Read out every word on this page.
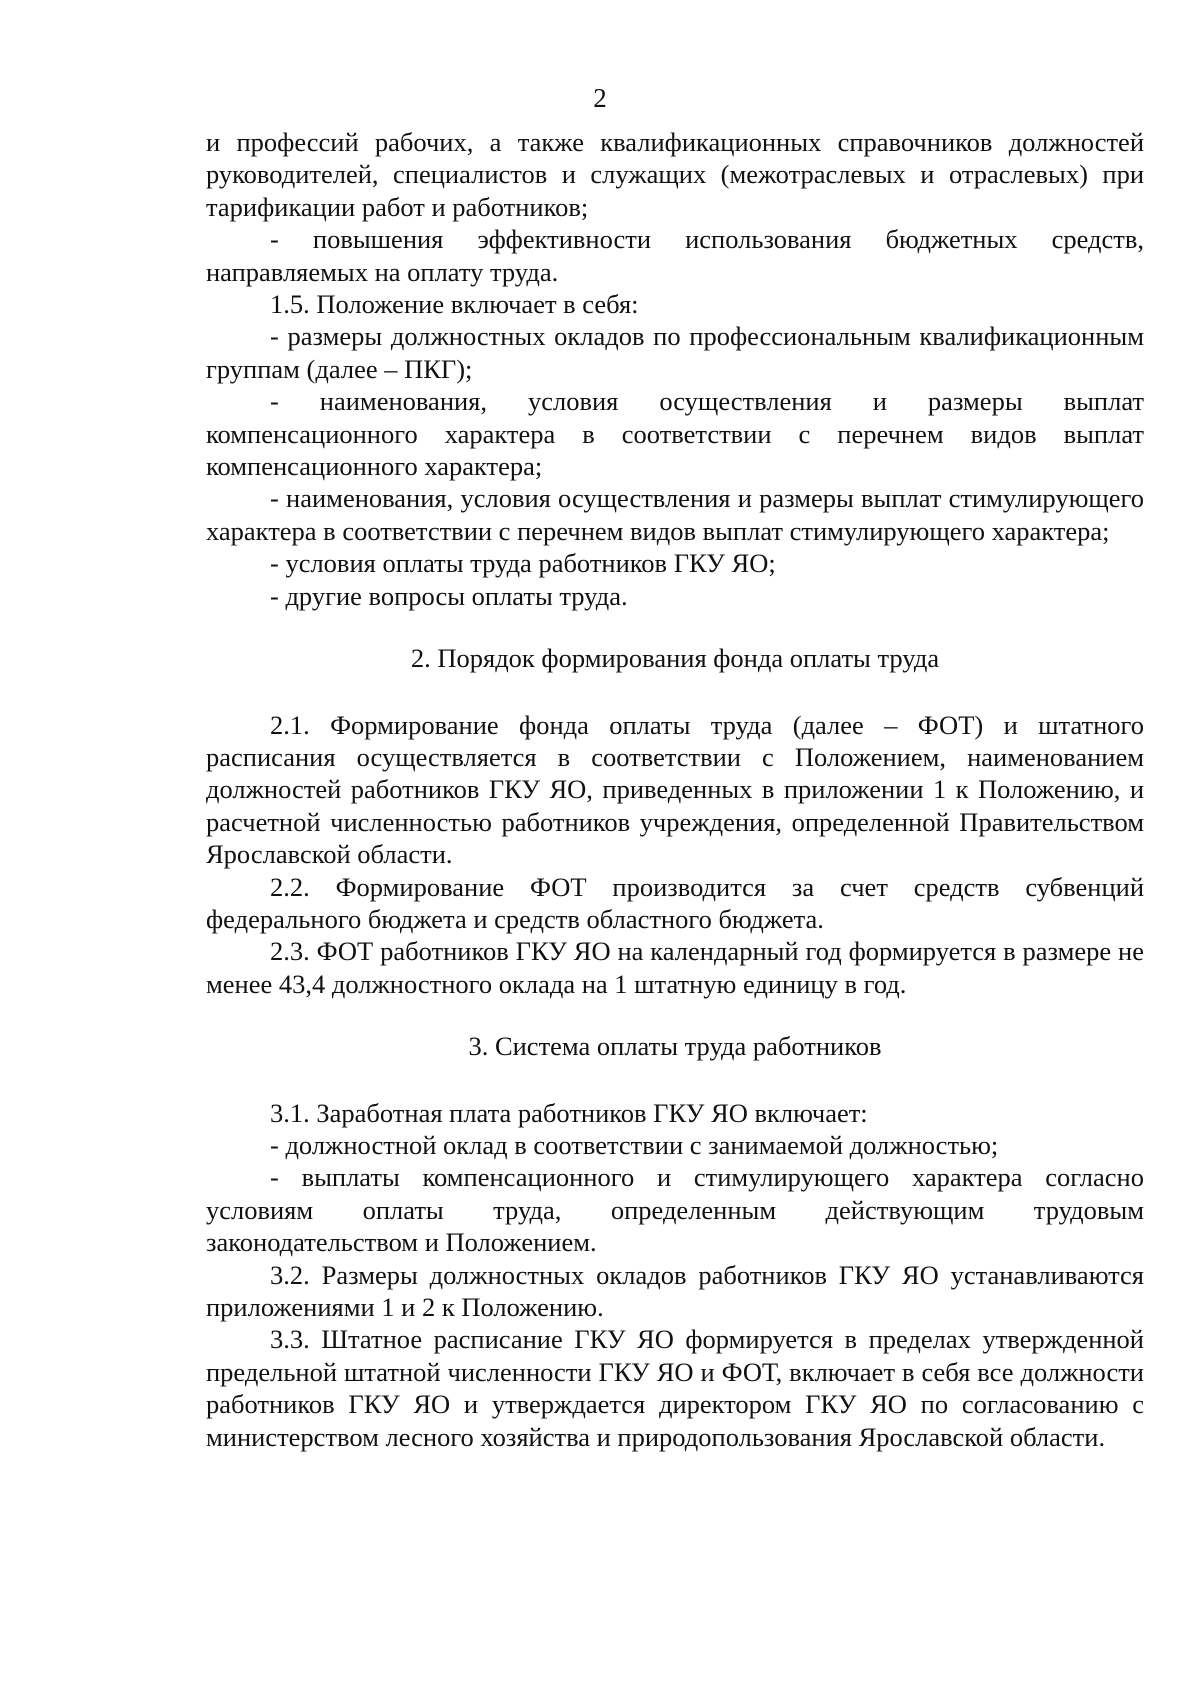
2

и профессий рабочих, а также квалификационных справочников должностей руководителей, специалистов и служащих (межотраслевых и отраслевых) при тарификации работ и работников;

- повышения эффективности использования бюджетных средств, направляемых на оплату труда.

1.5. Положение включает в себя:

- размеры должностных окладов по профессиональным квалификационным группам (далее – ПКГ);

- наименования, условия осуществления и размеры выплат компенсационного характера в соответствии с перечнем видов выплат компенсационного характера;

- наименования, условия осуществления и размеры выплат стимулирующего характера в соответствии с перечнем видов выплат стимулирующего характера;

- условия оплаты труда работников ГКУ ЯО;

- другие вопросы оплаты труда.

2. Порядок формирования фонда оплаты труда

2.1. Формирование фонда оплаты труда (далее – ФОТ) и штатного расписания осуществляется в соответствии с Положением, наименованием должностей работников ГКУ ЯО, приведенных в приложении 1 к Положению, и расчетной численностью работников учреждения, определенной Правительством Ярославской области.

2.2. Формирование ФОТ производится за счет средств субвенций федерального бюджета и средств областного бюджета.

2.3. ФОТ работников ГКУ ЯО на календарный год формируется в размере не менее 43,4 должностного оклада на 1 штатную единицу в год.

3. Система оплаты труда работников

3.1. Заработная плата работников ГКУ ЯО включает:

- должностной оклад в соответствии с занимаемой должностью;

- выплаты компенсационного и стимулирующего характера согласно условиям оплаты труда, определенным действующим трудовым законодательством и Положением.

3.2. Размеры должностных окладов работников ГКУ ЯО устанавливаются приложениями 1 и 2 к Положению.

3.3. Штатное расписание ГКУ ЯО формируется в пределах утвержденной предельной штатной численности ГКУ ЯО и ФОТ, включает в себя все должности работников ГКУ ЯО и утверждается директором ГКУ ЯО по согласованию с министерством лесного хозяйства и природопользования Ярославской области.
